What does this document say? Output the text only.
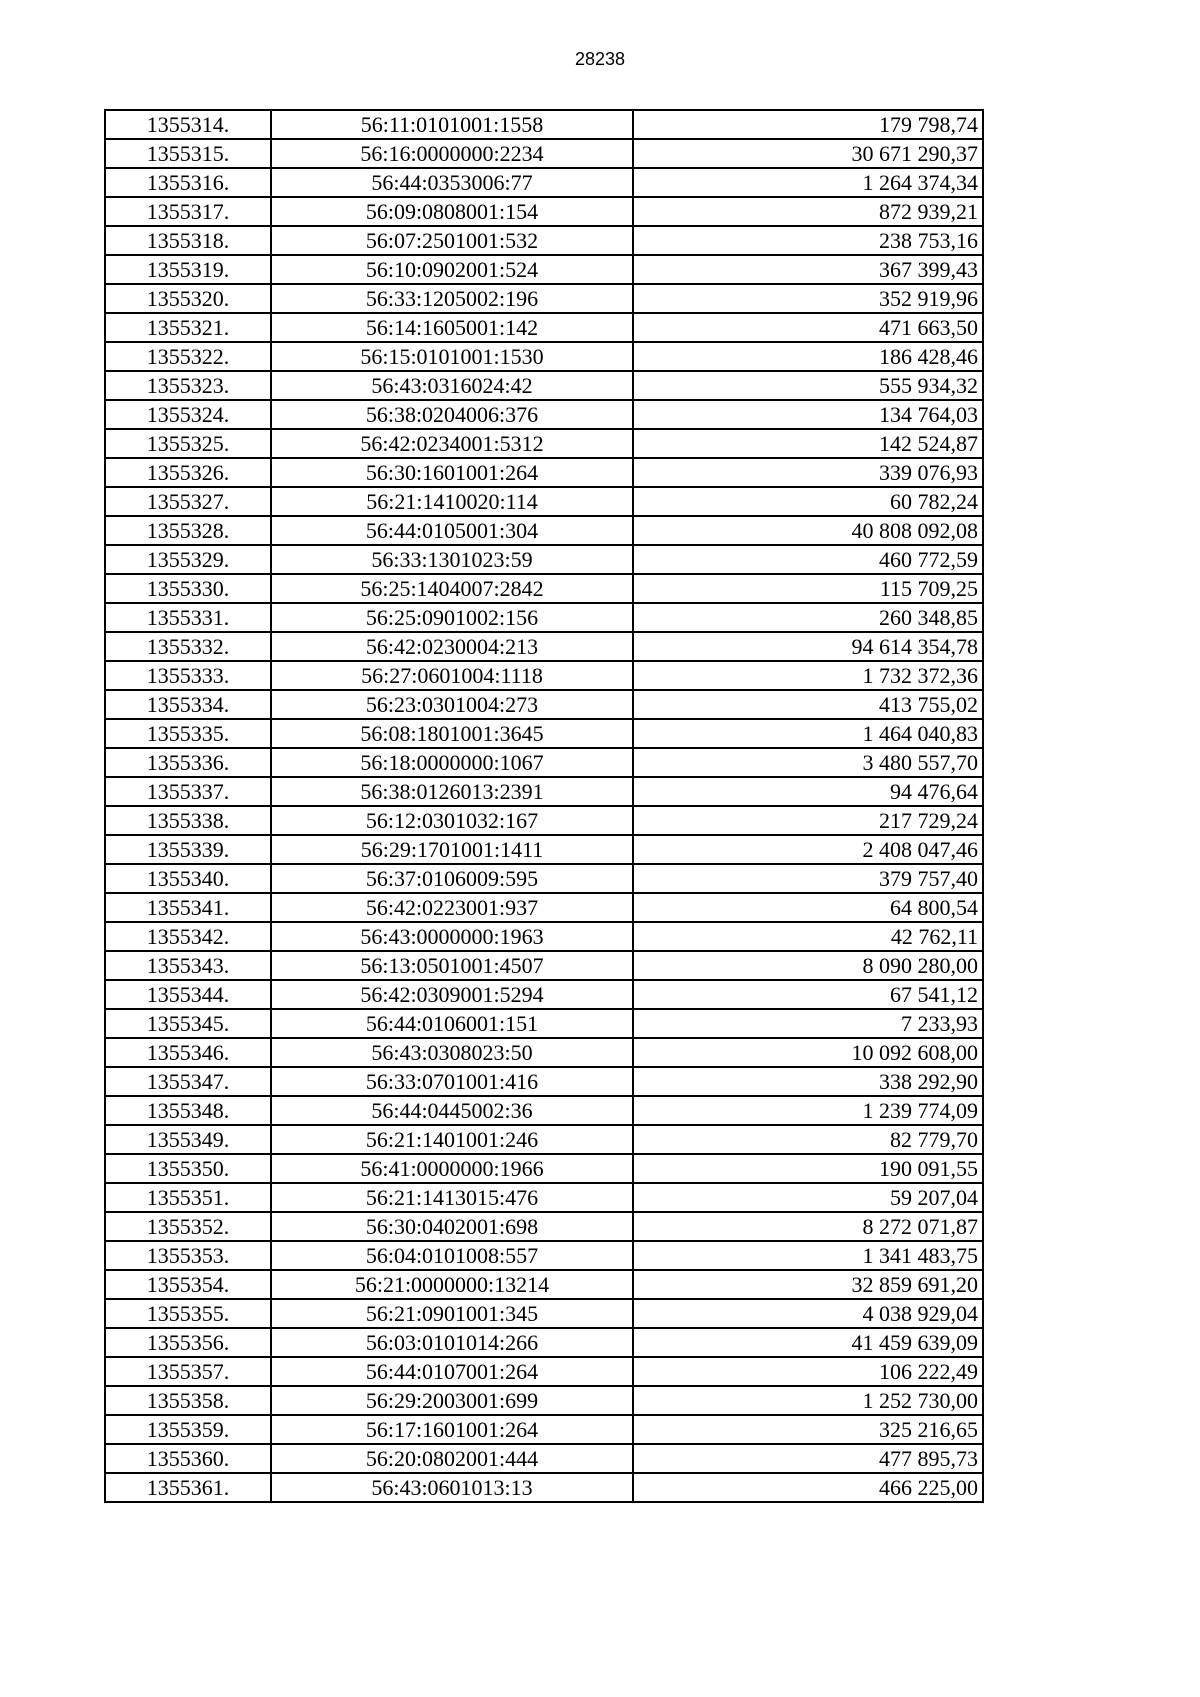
28238
1355314.	56:11:0101001:1558	179 798,74
1355315.	56:16:0000000:2234	30 671 290,37
1355316.	56:44:0353006:77	1 264 374,34
1355317.	56:09:0808001:154	872 939,21
1355318.	56:07:2501001:532	238 753,16
1355319.	56:10:0902001:524	367 399,43
1355320.	56:33:1205002:196	352 919,96
1355321.	56:14:1605001:142	471 663,50
1355322.	56:15:0101001:1530	186 428,46
1355323.	56:43:0316024:42	555 934,32
1355324.	56:38:0204006:376	134 764,03
1355325.	56:42:0234001:5312	142 524,87
1355326.	56:30:1601001:264	339 076,93
1355327.	56:21:1410020:114	60 782,24
1355328.	56:44:0105001:304	40 808 092,08
1355329.	56:33:1301023:59	460 772,59
1355330.	56:25:1404007:2842	115 709,25
1355331.	56:25:0901002:156	260 348,85
1355332.	56:42:0230004:213	94 614 354,78
1355333.	56:27:0601004:1118	1 732 372,36
1355334.	56:23:0301004:273	413 755,02
1355335.	56:08:1801001:3645	1 464 040,83
1355336.	56:18:0000000:1067	3 480 557,70
1355337.	56:38:0126013:2391	94 476,64
1355338.	56:12:0301032:167	217 729,24
1355339.	56:29:1701001:1411	2 408 047,46
1355340.	56:37:0106009:595	379 757,40
1355341.	56:42:0223001:937	64 800,54
1355342.	56:43:0000000:1963	42 762,11
1355343.	56:13:0501001:4507	8 090 280,00
1355344.	56:42:0309001:5294	67 541,12
1355345.	56:44:0106001:151	7 233,93
1355346.	56:43:0308023:50	10 092 608,00
1355347.	56:33:0701001:416	338 292,90
1355348.	56:44:0445002:36	1 239 774,09
1355349.	56:21:1401001:246	82 779,70
1355350.	56:41:0000000:1966	190 091,55
1355351.	56:21:1413015:476	59 207,04
1355352.	56:30:0402001:698	8 272 071,87
1355353.	56:04:0101008:557	1 341 483,75
1355354.	56:21:0000000:13214	32 859 691,20
1355355.	56:21:0901001:345	4 038 929,04
1355356.	56:03:0101014:266	41 459 639,09
1355357.	56:44:0107001:264	106 222,49
1355358.	56:29:2003001:699	1 252 730,00
1355359.	56:17:1601001:264	325 216,65
1355360.	56:20:0802001:444	477 895,73
1355361.	56:43:0601013:13	466 225,00
